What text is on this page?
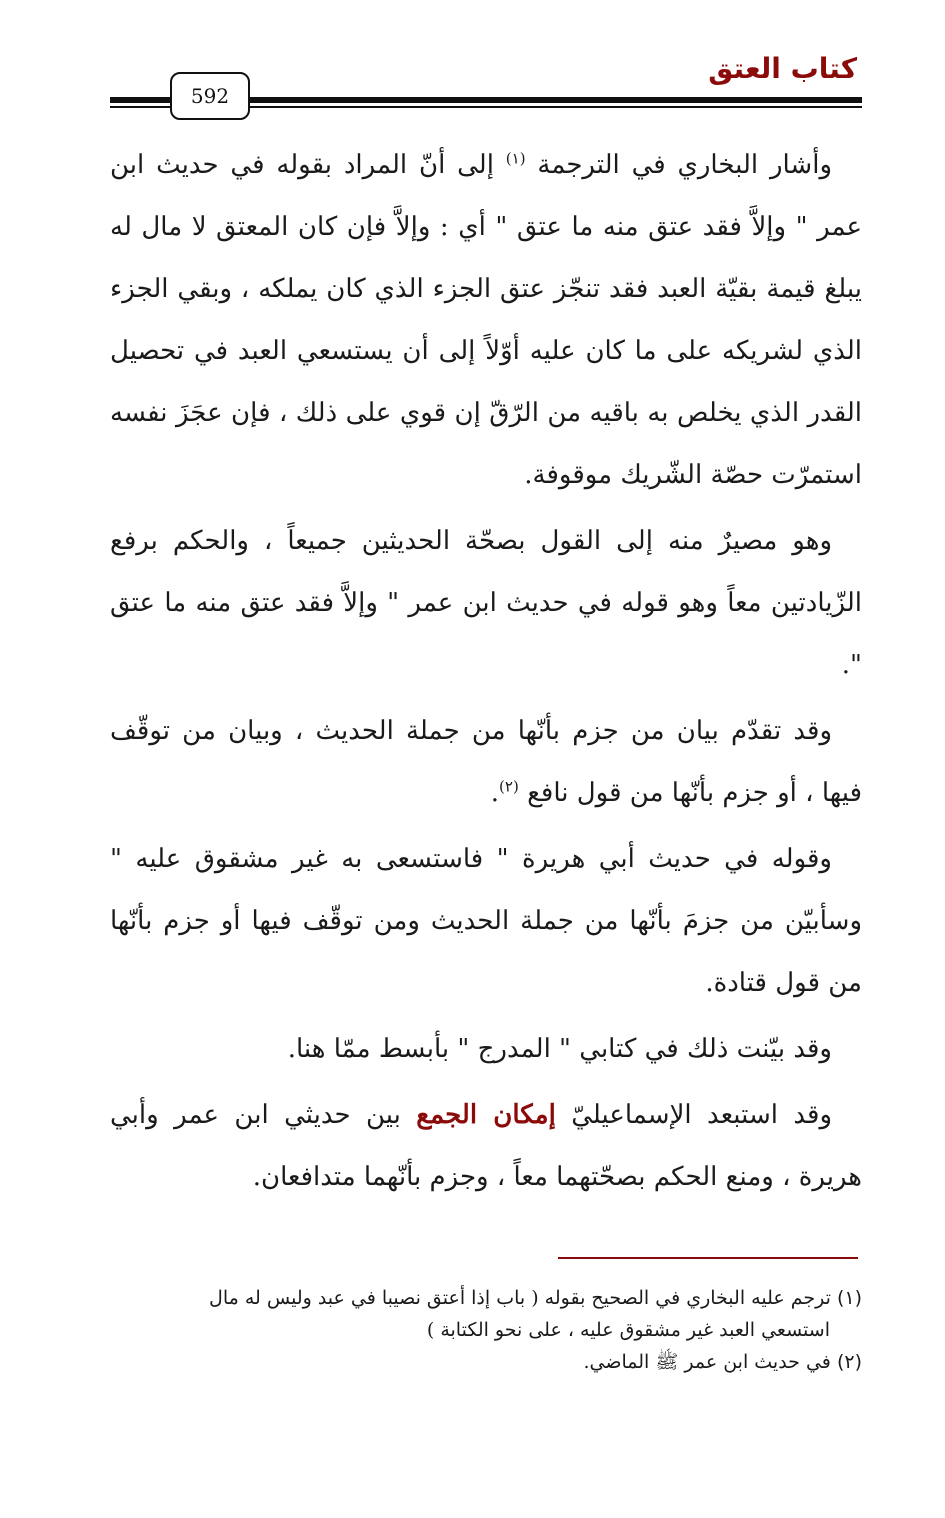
كتاب العتق
592

وأشار البخاري في الترجمة $^{(١)}$ إلى أنّ المراد بقوله في حديث ابن عمر " وإلاَّ فقد عتق منه ما عتق " أي : وإلاَّ فإن كان المعتق لا مال له يبلغ قيمة بقيّة العبد فقد تنجّز عتق الجزء الذي كان يملكه ، وبقي الجزء الذي لشريكه على ما كان عليه أوّلاً إلى أن يستسعي العبد في تحصيل القدر الذي يخلص به باقيه من الرّقّ إن قوي على ذلك ، فإن عجَزَ نفسه استمرّت حصّة الشّريك موقوفة.

وهو مصيرٌ منه إلى القول بصحّة الحديثين جميعاً ، والحكم برفع الزّيادتين معاً وهو قوله في حديث ابن عمر " وإلاَّ فقد عتق منه ما عتق ".

وقد تقدّم بيان من جزم بأنّها من جملة الحديث ، وبيان من توقّف فيها ، أو جزم بأنّها من قول نافع $^{(٢)}$.

وقوله في حديث أبي هريرة " فاستسعى به غير مشقوق عليه " وسأبيّن من جزمَ بأنّها من جملة الحديث ومن توقّف فيها أو جزم بأنّها من قول قتادة.

وقد بيّنت ذلك في كتابي " المدرج " بأبسط ممّا هنا.

وقد استبعد الإسماعيليّ إمكان الجمع بين حديثي ابن عمر وأبي هريرة ، ومنع الحكم بصحّتهما معاً ، وجزم بأنّهما متدافعان.

(١) ترجم عليه البخاري في الصحيح بقوله ( باب إذا أعتق نصيبا في عبد وليس له مال

استسعي العبد غير مشقوق عليه ، على نحو الكتابة )

(٢) في حديث ابن عمر ﷺ الماضي.
